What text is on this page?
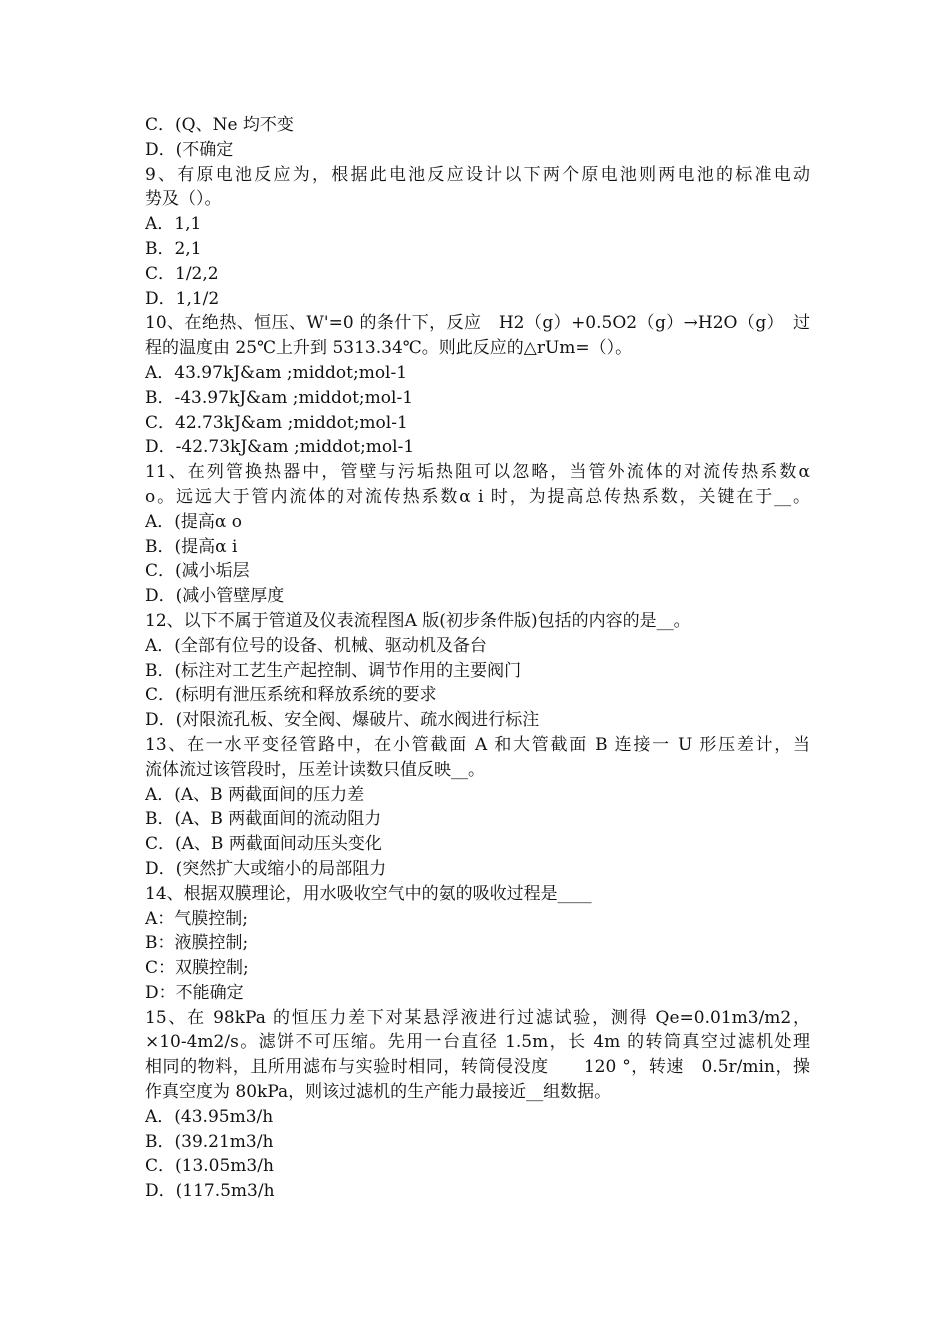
C．(Q、Ne 均不变
D．(不确定
9、有原电池反应为，根据此电池反应设计以下两个原电池则两电池的标准电动
势及（）。
A．1,1
B．2,1
C．1/2,2
D．1,1/2
10、在绝热、恒压、W'=0 的条什下，反应　H2（g）+0.5O2（g）→H2O（g）　过
程的温度由 25℃上升到 5313.34℃。则此反应的△rUm=（）。
A．43.97kJ&am ;middot;mol-1
B．-43.97kJ&am ;middot;mol-1
C．42.73kJ&am ;middot;mol-1
D．-42.73kJ&am ;middot;mol-1
11、在列管换热器中，管壁与污垢热阻可以忽略，当管外流体的对流传热系数α
o。远远大于管内流体的对流传热系数α i 时，为提高总传热系数，关键在于__。
A．(提高α o
B．(提高α i
C．(减小垢层
D．(减小管壁厚度
12、以下不属于管道及仪表流程图A 版(初步条件版)包括的内容的是__。
A．(全部有位号的设备、机械、驱动机及备台
B．(标注对工艺生产起控制、调节作用的主要阀门
C．(标明有泄压系统和释放系统的要求
D．(对限流孔板、安全阀、爆破片、疏水阀进行标注
13、在一水平变径管路中，在小管截面 A 和大管截面 B 连接一 U 形压差计，当
流体流过该管段时，压差计读数只值反映__。
A．(A、B 两截面间的压力差
B．(A、B 两截面间的流动阻力
C．(A、B 两截面间动压头变化
D．(突然扩大或缩小的局部阻力
14、根据双膜理论，用水吸收空气中的氨的吸收过程是____
A：气膜控制;
B：液膜控制;
C：双膜控制;
D：不能确定
15、在 98kPa 的恒压力差下对某悬浮液进行过滤试验，测得 Qe=0.01m3/m2，
×10-4m2/s。滤饼不可压缩。先用一台直径 1.5m，长 4m 的转筒真空过滤机处理
相同的物料，且所用滤布与实验时相同，转筒侵没度　　120 °，转速　0.5r/min，操
作真空度为 80kPa，则该过滤机的生产能力最接近__组数据。
A．(43.95m3/h
B．(39.21m3/h
C．(13.05m3/h
D．(117.5m3/h
